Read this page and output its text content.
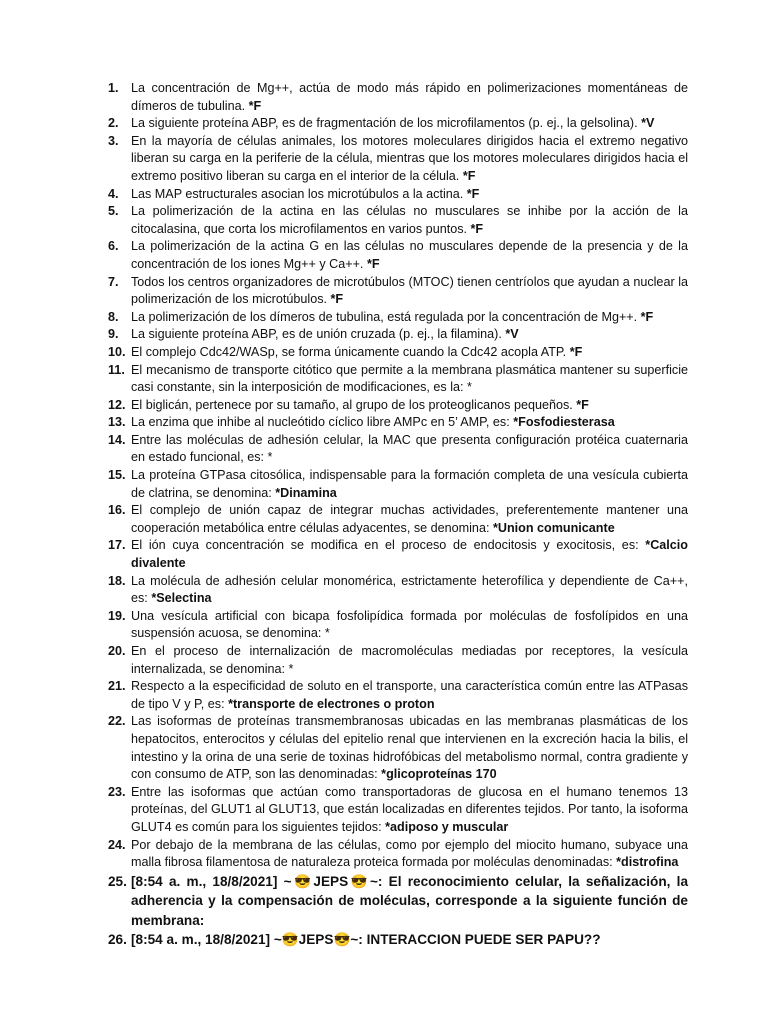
1. La concentración de Mg++, actúa de modo más rápido en polimerizaciones momentáneas de dímeros de tubulina. *F
2. La siguiente proteína ABP, es de fragmentación de los microfilamentos (p. ej., la gelsolina). *V
3. En la mayoría de células animales, los motores moleculares dirigidos hacia el extremo negativo liberan su carga en la periferie de la célula, mientras que los motores moleculares dirigidos hacia el extremo positivo liberan su carga en el interior de la célula. *F
4. Las MAP estructurales asocian los microtúbulos a la actina. *F
5. La polimerización de la actina en las células no musculares se inhibe por la acción de la citocalasina, que corta los microfilamentos en varios puntos. *F
6. La polimerización de la actina G en las células no musculares depende de la presencia y de la concentración de los iones Mg++ y Ca++. *F
7. Todos los centros organizadores de microtúbulos (MTOC) tienen centríolos que ayudan a nuclear la polimerización de los microtúbulos. *F
8. La polimerización de los dímeros de tubulina, está regulada por la concentración de Mg++. *F
9. La siguiente proteína ABP, es de unión cruzada (p. ej., la filamina). *V
10. El complejo Cdc42/WASp, se forma únicamente cuando la Cdc42 acopla ATP. *F
11. El mecanismo de transporte citótico que permite a la membrana plasmática mantener su superficie casi constante, sin la interposición de modificaciones, es la: *
12. El biglicán, pertenece por su tamaño, al grupo de los proteoglicanos pequeños. *F
13. La enzima que inhibe al nucleótido cíclico libre AMPc en 5’ AMP, es: *Fosfodiesterasa
14. Entre las moléculas de adhesión celular, la MAC que presenta configuración protéica cuaternaria en estado funcional, es: *
15. La proteína GTPasa citosólica, indispensable para la formación completa de una vesícula cubierta de clatrina, se denomina: *Dinamina
16. El complejo de unión capaz de integrar muchas actividades, preferentemente mantener una cooperación metabólica entre células adyacentes, se denomina: *Union comunicante
17. El ión cuya concentración se modifica en el proceso de endocitosis y exocitosis, es: *Calcio divalente
18. La molécula de adhesión celular monomérica, estrictamente heterofílica y dependiente de Ca++, es: *Selectina
19. Una vesícula artificial con bicapa fosfolipídica formada por moléculas de fosfolípidos en una suspensión acuosa, se denomina: *
20. En el proceso de internalización de macromoléculas mediadas por receptores, la vesícula internalizada, se denomina: *
21. Respecto a la especificidad de soluto en el transporte, una característica común entre las ATPasas de tipo V y P, es: *transporte de electrones o proton
22. Las isoformas de proteínas transmembranosas ubicadas en las membranas plasmáticas de los hepatocitos, enterocitos y células del epitelio renal que intervienen en la excreción hacia la bilis, el intestino y la orina de una serie de toxinas hidrofóbicas del metabolismo normal, contra gradiente y con consumo de ATP, son las denominadas: *glicoproteínas 170
23. Entre las isoformas que actúan como transportadoras de glucosa en el humano tenemos 13 proteínas, del GLUT1 al GLUT13, que están localizadas en diferentes tejidos. Por tanto, la isoforma GLUT4 es común para los siguientes tejidos: *adiposo y muscular
24. Por debajo de la membrana de las células, como por ejemplo del miocito humano, subyace una malla fibrosa filamentosa de naturaleza proteica formada por moléculas denominadas: *distrofina
25. [8:54 a. m., 18/8/2021] ~😎JEPS😎~: El reconocimiento celular, la señalización, la adherencia y la compensación de moléculas, corresponde a la siguiente función de membrana:
26. [8:54 a. m., 18/8/2021] ~😎JEPS😎~: INTERACCION PUEDE SER PAPU??
